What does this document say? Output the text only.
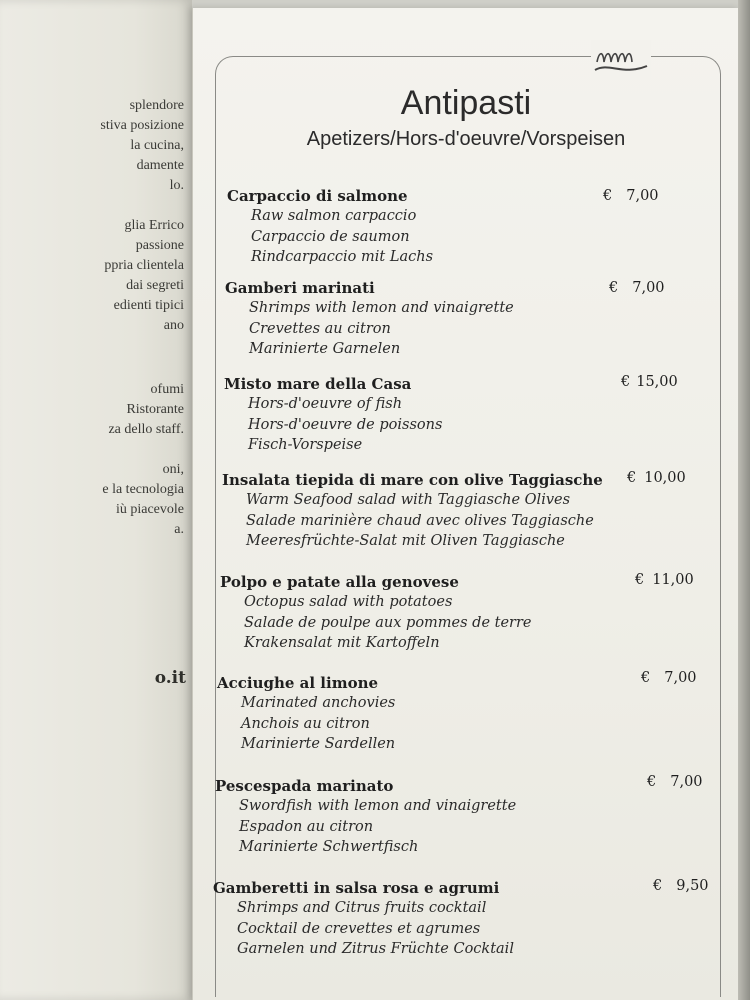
splendore
stiva posizione
la cucina,
damente
lo.
glia Errico
passione
ppria clientela
dai segreti
edienti tipici
ano
ofumi
Ristorante
za dello staff.
oni,
e la tecnologia
iù piacevole
a.
o.it
Antipasti
Apetizers/Hors-d'oeuvre/Vorspeisen
Carpaccio di salmone
Raw salmon carpaccio
Carpaccio de saumon
Rindcarpaccio mit Lachs
€ 7,00
Gamberi marinati
Shrimps with lemon and vinaigrette
Crevettes au citron
Marinierte Garnelen
€ 7,00
Misto mare della Casa
Hors-d'oeuvre of fish
Hors-d'oeuvre de poissons
Fisch-Vorspeise
€ 15,00
Insalata tiepida di mare con olive Taggiasche
Warm Seafood salad with Taggiasche Olives
Salade marinière chaud avec olives Taggiasche
Meeresfrüchte-Salat mit Oliven Taggiasche
€ 10,00
Polpo e patate alla genovese
Octopus salad with potatoes
Salade de poulpe aux pommes de terre
Krakensalat mit Kartoffeln
€ 11,00
Acciughe al limone
Marinated anchovies
Anchois au citron
Marinierte Sardellen
€ 7,00
Pescespada marinato
Swordfish with lemon and vinaigrette
Espadon au citron
Marinierte Schwertfisch
€ 7,00
Gamberetti in salsa rosa e agrumi
Shrimps and Citrus fruits cocktail
Cocktail de crevettes et agrumes
Garnelen und Zitrus Früchte Cocktail
€ 9,50
